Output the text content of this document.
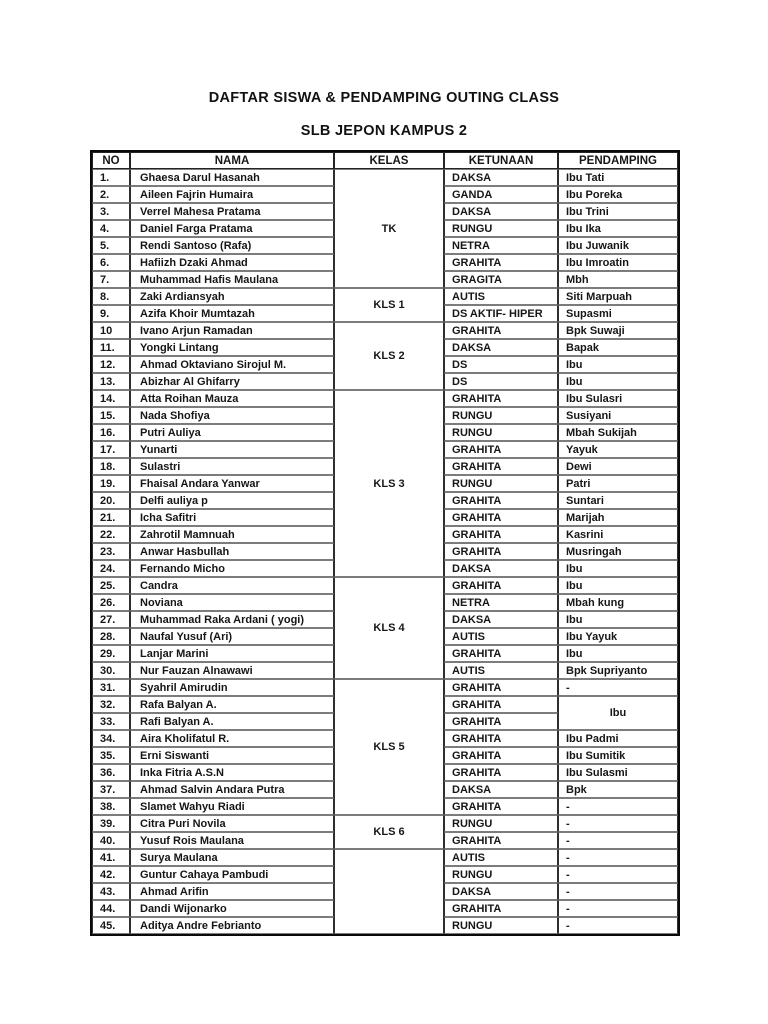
DAFTAR SISWA & PENDAMPING OUTING CLASS
SLB JEPON KAMPUS 2
NO	NAMA	KELAS	KETUNAAN	PENDAMPING
1.	Ghaesa Darul Hasanah	TK	DAKSA	Ibu Tati
2.	Aileen Fajrin Humaira		GANDA	Ibu Poreka
3.	Verrel Mahesa Pratama		DAKSA	Ibu Trini
4.	Daniel Farga Pratama		RUNGU	Ibu Ika
5.	Rendi Santoso (Rafa)		NETRA	Ibu Juwanik
6.	Hafiizh Dzaki Ahmad		GRAHITA	Ibu Imroatin
7.	Muhammad Hafis Maulana		GRAGITA	Mbh
8.	Zaki Ardiansyah	KLS 1	AUTIS	Siti Marpuah
9.	Azifa Khoir Mumtazah		DS AKTIF- HIPER	Supasmi
10	Ivano Arjun Ramadan	KLS 2	GRAHITA	Bpk Suwaji
11.	Yongki Lintang		DAKSA	Bapak
12.	Ahmad Oktaviano Sirojul M.		DS	Ibu
13.	Abizhar Al Ghifarry		DS	Ibu
14.	Atta Roihan Mauza	KLS 3	GRAHITA	Ibu Sulasri
15.	Nada Shofiya		RUNGU	Susiyani
16.	Putri Auliya		RUNGU	Mbah Sukijah
17.	Yunarti		GRAHITA	Yayuk
18.	Sulastri		GRAHITA	Dewi
19.	Fhaisal Andara Yanwar		RUNGU	Patri
20.	Delfi auliya p		GRAHITA	Suntari
21.	Icha Safitri		GRAHITA	Marijah
22.	Zahrotil Mamnuah		GRAHITA	Kasrini
23.	Anwar Hasbullah		GRAHITA	Musringah
24.	Fernando Micho		DAKSA	Ibu
25.	Candra	KLS 4	GRAHITA	Ibu
26.	Noviana		NETRA	Mbah kung
27.	Muhammad Raka Ardani ( yogi)		DAKSA	Ibu
28.	Naufal Yusuf (Ari)		AUTIS	Ibu Yayuk
29.	Lanjar Marini		GRAHITA	Ibu
30.	Nur Fauzan Alnawawi		AUTIS	Bpk Supriyanto
31.	Syahril Amirudin	KLS 5	GRAHITA	-
32.	Rafa Balyan A.		GRAHITA	Ibu
33.	Rafi Balyan A.		GRAHITA	
34.	Aira Kholifatul R.		GRAHITA	Ibu Padmi
35.	Erni Siswanti		GRAHITA	Ibu Sumitik
36.	Inka Fitria A.S.N		GRAHITA	Ibu Sulasmi
37.	Ahmad Salvin Andara Putra		DAKSA	Bpk
38.	Slamet Wahyu Riadi		GRAHITA	-
39.	Citra Puri Novila	KLS 6	RUNGU	-
40.	Yusuf Rois Maulana		GRAHITA	-
41.	Surya Maulana		AUTIS	-
42.	Guntur Cahaya Pambudi		RUNGU	-
43.	Ahmad Arifin		DAKSA	-
44.	Dandi Wijonarko		GRAHITA	-
45.	Aditya Andre Febrianto		RUNGU	-
